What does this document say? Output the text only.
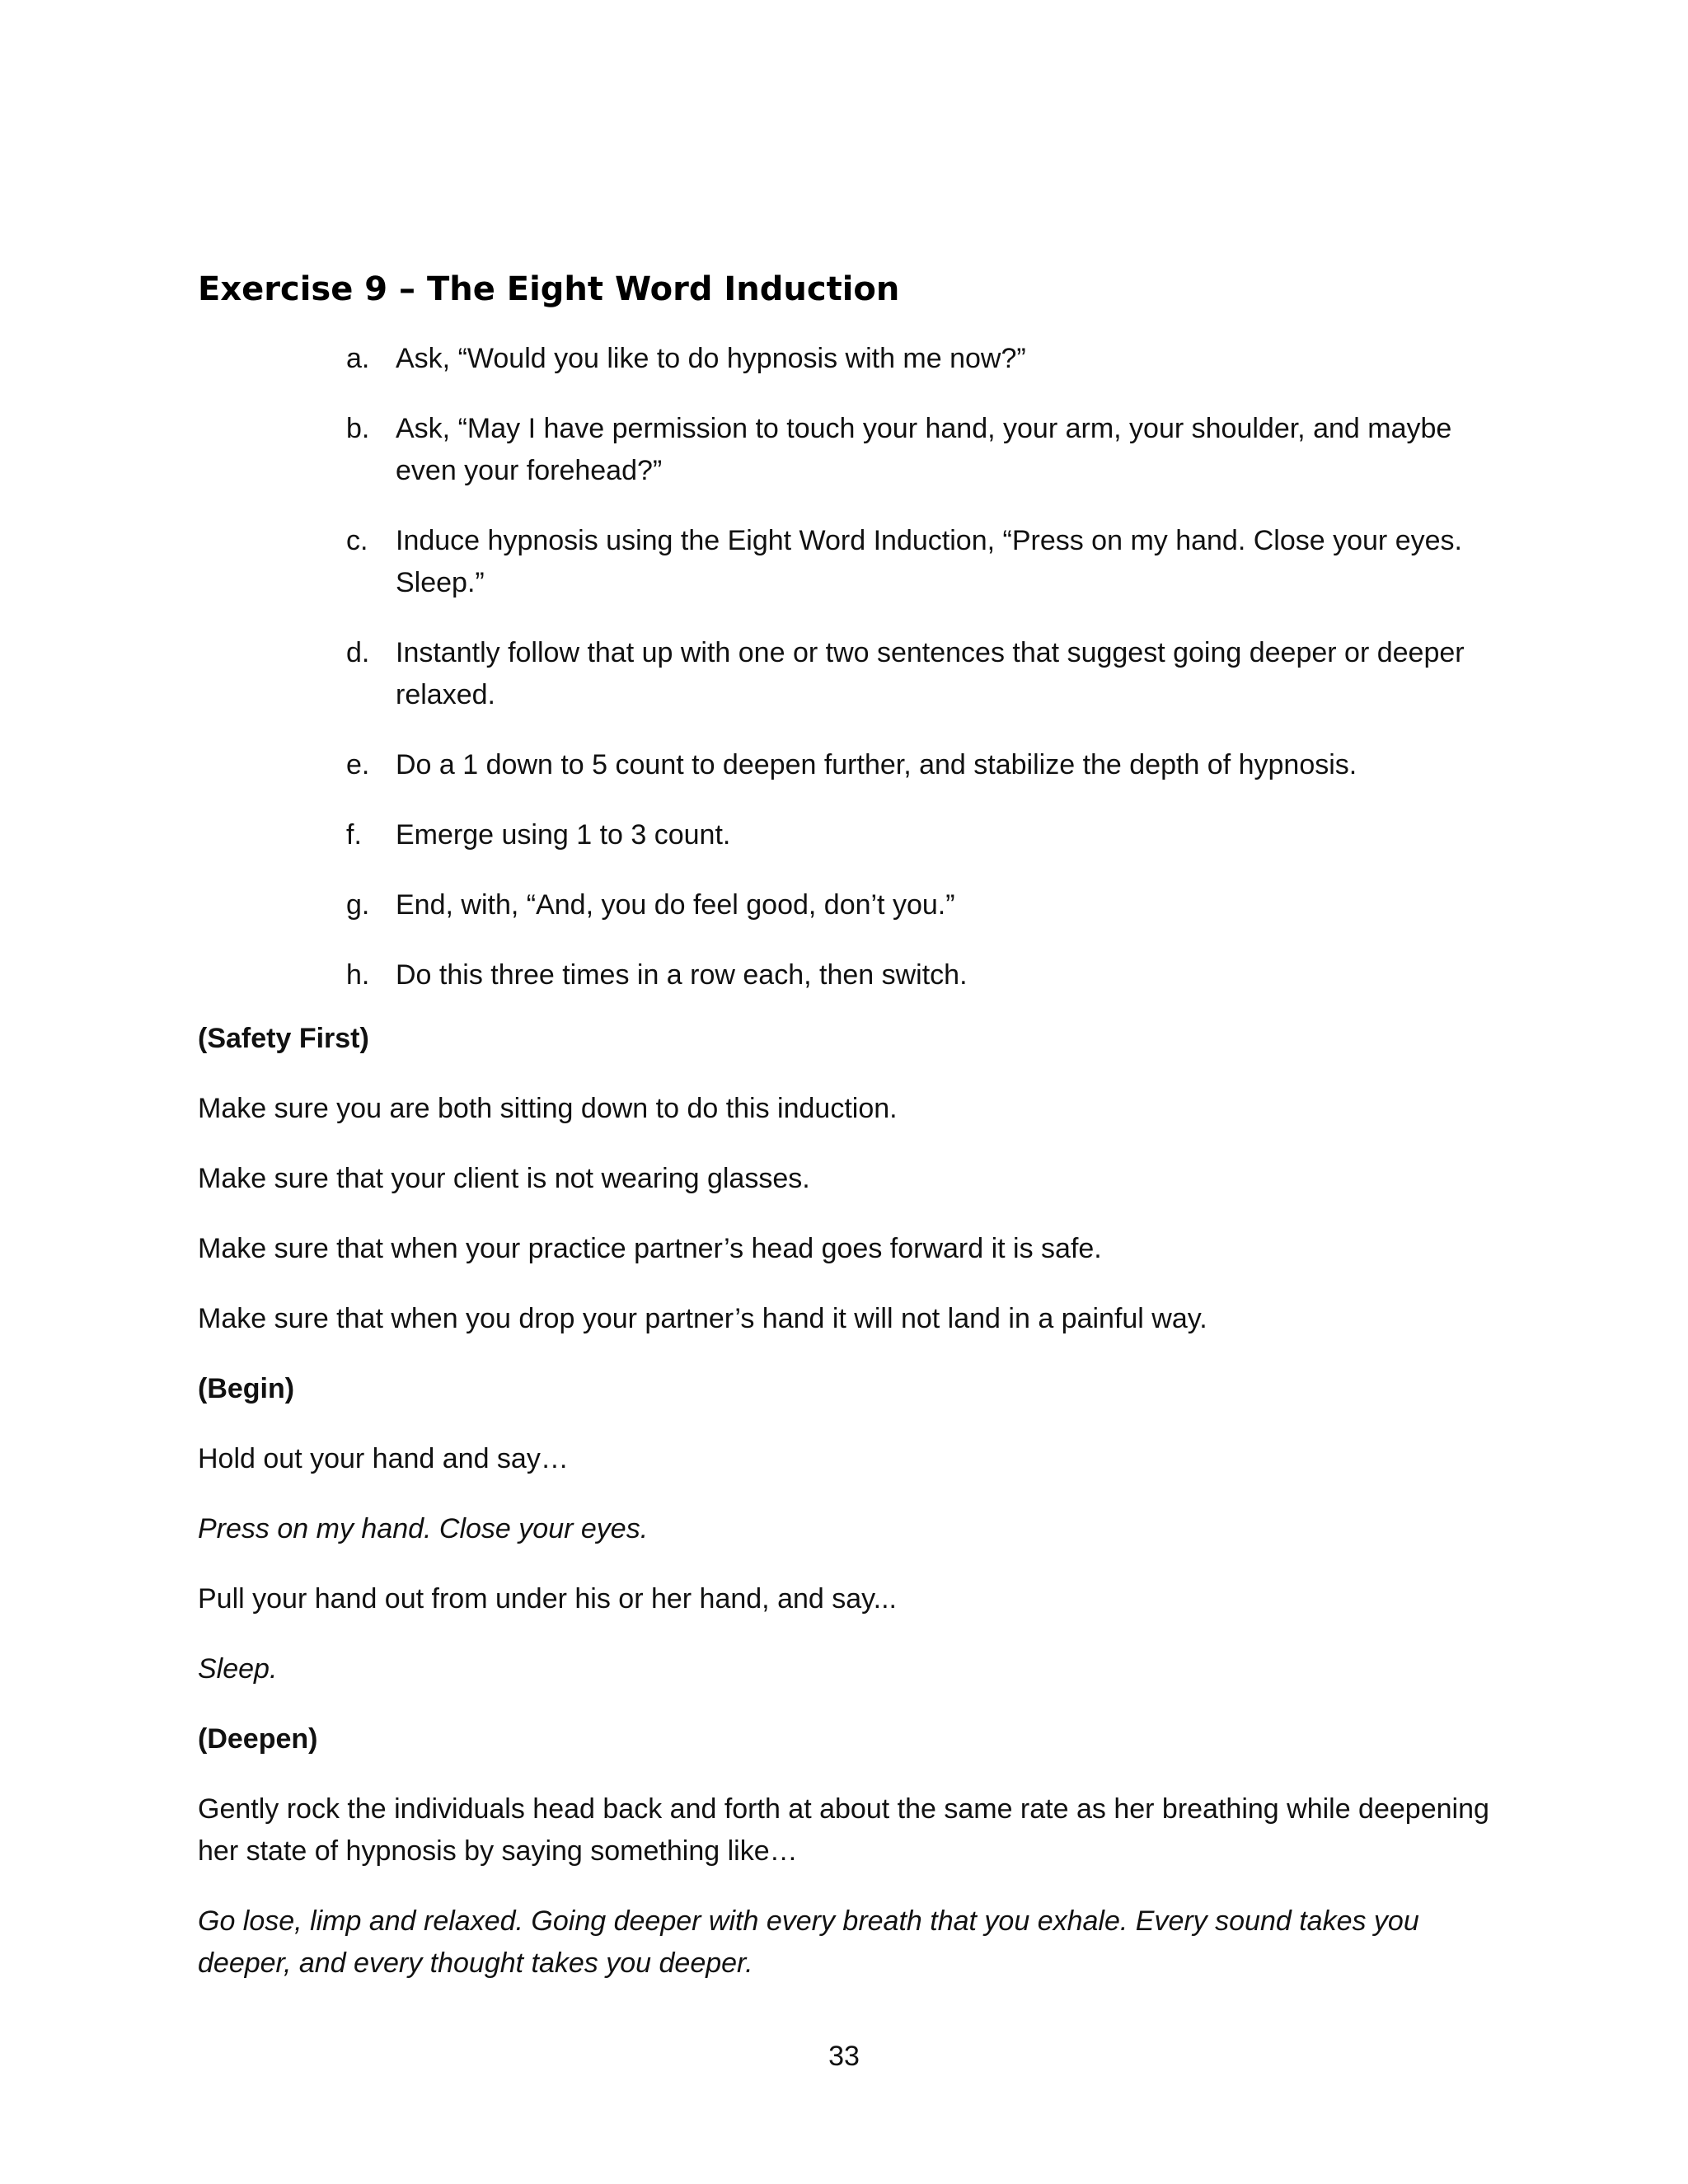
Exercise 9 – The Eight Word Induction
a. Ask, “Would you like to do hypnosis with me now?”
b. Ask, “May I have permission to touch your hand, your arm, your shoulder, and maybe even your forehead?”
c. Induce hypnosis using the Eight Word Induction, “Press on my hand. Close your eyes. Sleep.”
d. Instantly follow that up with one or two sentences that suggest going deeper or deeper relaxed.
e. Do a 1 down to 5 count to deepen further, and stabilize the depth of hypnosis.
f. Emerge using 1 to 3 count.
g. End, with, “And, you do feel good, don’t you.”
h. Do this three times in a row each, then switch.

(Safety First)

Make sure you are both sitting down to do this induction.

Make sure that your client is not wearing glasses.

Make sure that when your practice partner’s head goes forward it is safe.

Make sure that when you drop your partner’s hand it will not land in a painful way.

(Begin)

Hold out your hand and say…

Press on my hand. Close your eyes.

Pull your hand out from under his or her hand, and say...

Sleep.

(Deepen)

Gently rock the individuals head back and forth at about the same rate as her breathing while deepening her state of hypnosis by saying something like…

Go lose, limp and relaxed. Going deeper with every breath that you exhale. Every sound takes you deeper, and every thought takes you deeper.

33
